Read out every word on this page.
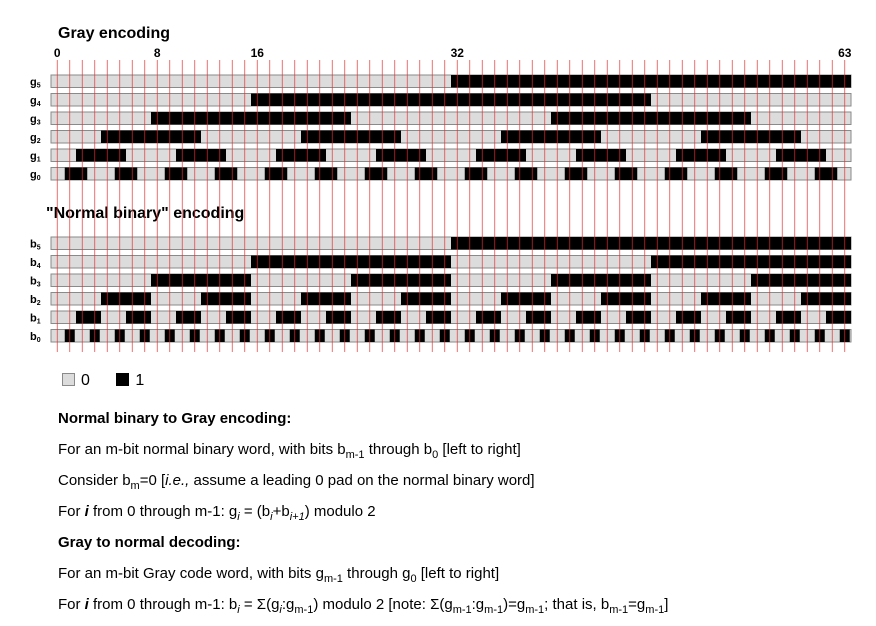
Gray encoding
"Normal binary" encoding
0	8	16	32	63
g5
g4
g3
g2
g1
g0
b5
b4
b3
b2
b1
b0
0	1

Normal binary to Gray encoding:

For an m-bit normal binary word, with bits $b_{m-1}$ through $b_0$ [left to right]

Consider $b_m=0$ [i.e., assume a leading 0 pad on the normal binary word]

For i from 0 through m-1: $g_i = (b_i+b_{i+1})$ modulo 2

Gray to normal decoding:

For an m-bit Gray code word, with bits $g_{m-1}$ through $g_0$ [left to right]

For i from 0 through m-1: $b_i$ = $\Sigma(g_i:g_{m-1})$ modulo 2 [note: $\Sigma(g_{m-1}:g_{m-1})=g_{m-1}$; that is, $b_{m-1}=g_{m-1}$]
